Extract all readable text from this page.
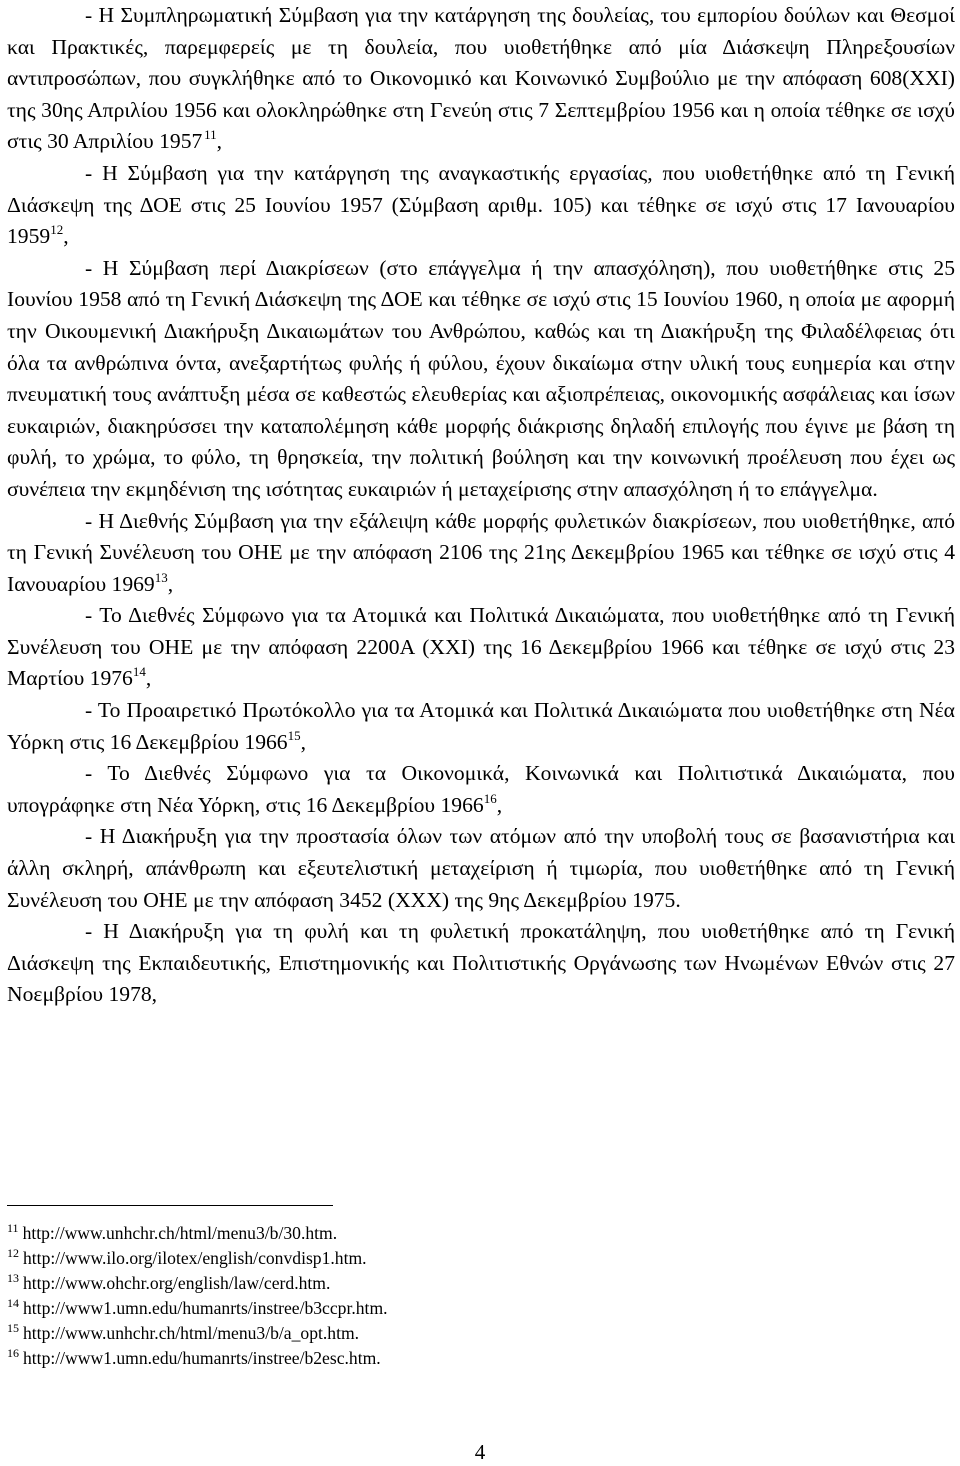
- Η Συμπληρωματική Σύμβαση για την κατάργηση της δουλείας, του εμπορίου δούλων και Θεσμοί και Πρακτικές, παρεμφερείς με τη δουλεία, που υιοθετήθηκε από μία Διάσκεψη Πληρεξουσίων αντιπροσώπων, που συγκλήθηκε από το Οικονομικό και Κοινωνικό Συμβούλιο με την απόφαση 608(XXI) της 30ης Απριλίου 1956 και ολοκληρώθηκε στη Γενεύη στις 7 Σεπτεμβρίου 1956 και η οποία τέθηκε σε ισχύ στις 30 Απριλίου 1957  $^{11}$,

- Η Σύμβαση για την κατάργηση της αναγκαστικής εργασίας, που υιοθετήθηκε από τη Γενική Διάσκεψη της ΔΟΕ στις 25 Ιουνίου 1957 (Σύμβαση αριθμ. 105) και τέθηκε σε ισχύ στις 17 Ιανουαρίου 1959$^{12}$,

- Η Σύμβαση περί Διακρίσεων (στο επάγγελμα ή την απασχόληση), που υιοθετήθηκε στις 25 Ιουνίου 1958 από τη Γενική Διάσκεψη της ΔΟΕ και τέθηκε σε ισχύ στις 15 Ιουνίου 1960, η οποία με αφορμή την Οικουμενική Διακήρυξη Δικαιωμάτων του Ανθρώπου, καθώς και τη Διακήρυξη της Φιλαδέλφειας ότι όλα τα ανθρώπινα όντα, ανεξαρτήτως φυλής ή φύλου, έχουν δικαίωμα στην υλική τους ευημερία και στην πνευματική τους ανάπτυξη μέσα σε καθεστώς ελευθερίας και αξιοπρέπειας, οικονομικής ασφάλειας και ίσων ευκαιριών, διακηρύσσει την καταπολέμηση κάθε μορφής διάκρισης δηλαδή επιλογής που έγινε με βάση τη φυλή, το χρώμα, το φύλο, τη θρησκεία, την πολιτική βούληση και την κοινωνική προέλευση που έχει ως συνέπεια την εκμηδένιση της ισότητας ευκαιριών ή μεταχείρισης στην απασχόληση ή το επάγγελμα.

- Η Διεθνής Σύμβαση για την εξάλειψη κάθε μορφής φυλετικών διακρίσεων, που υιοθετήθηκε, από τη Γενική Συνέλευση του ΟΗΕ με την απόφαση 2106 της 21ης Δεκεμβρίου 1965 και τέθηκε σε ισχύ στις 4 Ιανουαρίου 1969$^{13}$,

- Το Διεθνές Σύμφωνο για τα Ατομικά και Πολιτικά Δικαιώματα, που υιοθετήθηκε από τη Γενική Συνέλευση του ΟΗΕ με την απόφαση 2200Α (XXI) της 16 Δεκεμβρίου 1966 και τέθηκε σε ισχύ στις 23 Μαρτίου 1976$^{14}$,

- Το Προαιρετικό Πρωτόκολλο για τα Ατομικά και Πολιτικά Δικαιώματα που υιοθετήθηκε στη Νέα Υόρκη στις 16 Δεκεμβρίου 1966$^{15}$,

- Το Διεθνές Σύμφωνο για τα Οικονομικά, Κοινωνικά και Πολιτιστικά Δικαιώματα, που υπογράφηκε στη Νέα Υόρκη, στις 16 Δεκεμβρίου 1966$^{16}$,

- Η Διακήρυξη για την προστασία όλων των ατόμων από την υποβολή τους σε βασανιστήρια και άλλη σκληρή, απάνθρωπη και εξευτελιστική μεταχείριση ή τιμωρία, που υιοθετήθηκε από τη Γενική Συνέλευση του ΟΗΕ με την απόφαση 3452 (XXX) της 9ης Δεκεμβρίου 1975.

- Η Διακήρυξη για τη φυλή και τη φυλετική προκατάληψη, που υιοθετήθηκε από τη Γενική Διάσκεψη της Εκπαιδευτικής, Επιστημονικής και Πολιτιστικής Οργάνωσης των Ηνωμένων Εθνών στις 27 Νοεμβρίου 1978,

$^{11}$ http://www.unhchr.ch/html/menu3/b/30.htm.
$^{12}$ http://www.ilo.org/ilotex/english/convdisp1.htm.
$^{13}$ http://www.ohchr.org/english/law/cerd.htm.
$^{14}$ http://www1.umn.edu/humanrts/instree/b3ccpr.htm.
$^{15}$ http://www.unhchr.ch/html/menu3/b/a_opt.htm.
$^{16}$ http://www1.umn.edu/humanrts/instree/b2esc.htm.
4
